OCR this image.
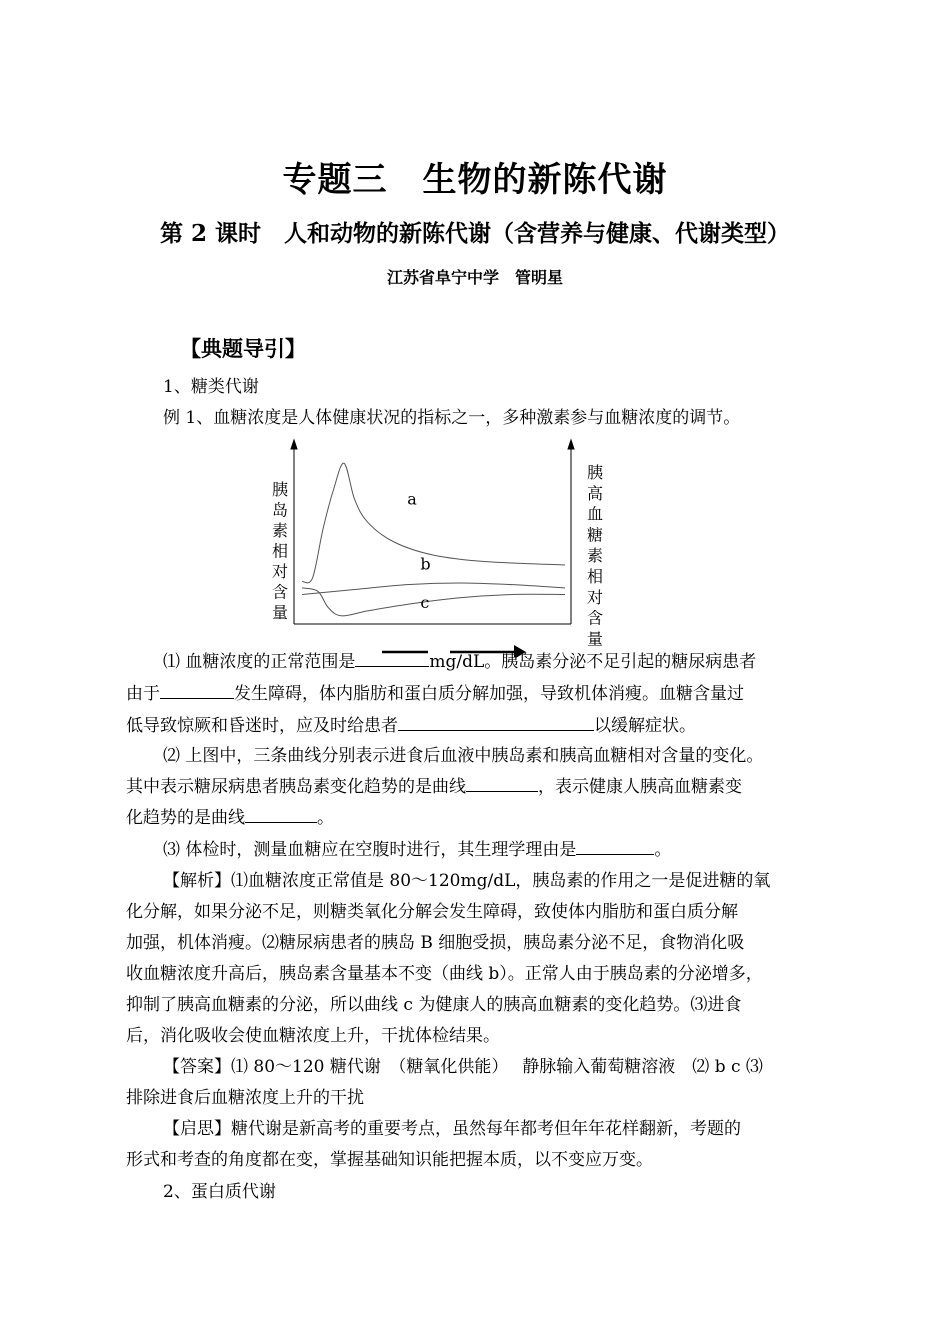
专题三　生物的新陈代谢
第 2 课时　人和动物的新陈代谢（含营养与健康、代谢类型）
江苏省阜宁中学　管明星
【典题导引】
1、糖类代谢
例 1、血糖浓度是人体健康状况的指标之一，多种激素参与血糖浓度的调节。
a
b
c
胰
岛
素
相
对
含
量
胰
高
血
糖
素
相
对
含
量
⑴ 血糖浓度的正常范围是	mg/dL。胰岛素分泌不足引起的糖尿病患者
由于	发生障碍，体内脂肪和蛋白质分解加强，导致机体消瘦。血糖含量过
低导致惊厥和昏迷时，应及时给患者	以缓解症状。
⑵ 上图中，三条曲线分别表示进食后血液中胰岛素和胰高血糖相对含量的变化。
其中表示糖尿病患者胰岛素变化趋势的是曲线	，表示健康人胰高血糖素变
化趋势的是曲线	。
⑶ 体检时，测量血糖应在空腹时进行，其生理学理由是	。
【解析】⑴血糖浓度正常值是 80～120mg/dL，胰岛素的作用之一是促进糖的氧
化分解，如果分泌不足，则糖类氧化分解会发生障碍，致使体内脂肪和蛋白质分解
加强，机体消瘦。⑵糖尿病患者的胰岛 B 细胞受损，胰岛素分泌不足，食物消化吸
收血糖浓度升高后，胰岛素含量基本不变（曲线 b）。正常人由于胰岛素的分泌增多，
抑制了胰高血糖素的分泌，所以曲线 c 为健康人的胰高血糖素的变化趋势。⑶进食
后，消化吸收会使血糖浓度上升，干扰体检结果。
【答案】⑴ 80～120 糖代谢　（糖氧化供能）　 静脉输入葡萄糖溶液　⑵ b c ⑶
排除进食后血糖浓度上升的干扰
【启思】糖代谢是新高考的重要考点，虽然每年都考但年年花样翻新，考题的
形式和考查的角度都在变，掌握基础知识能把握本质，以不变应万变。
2、蛋白质代谢
